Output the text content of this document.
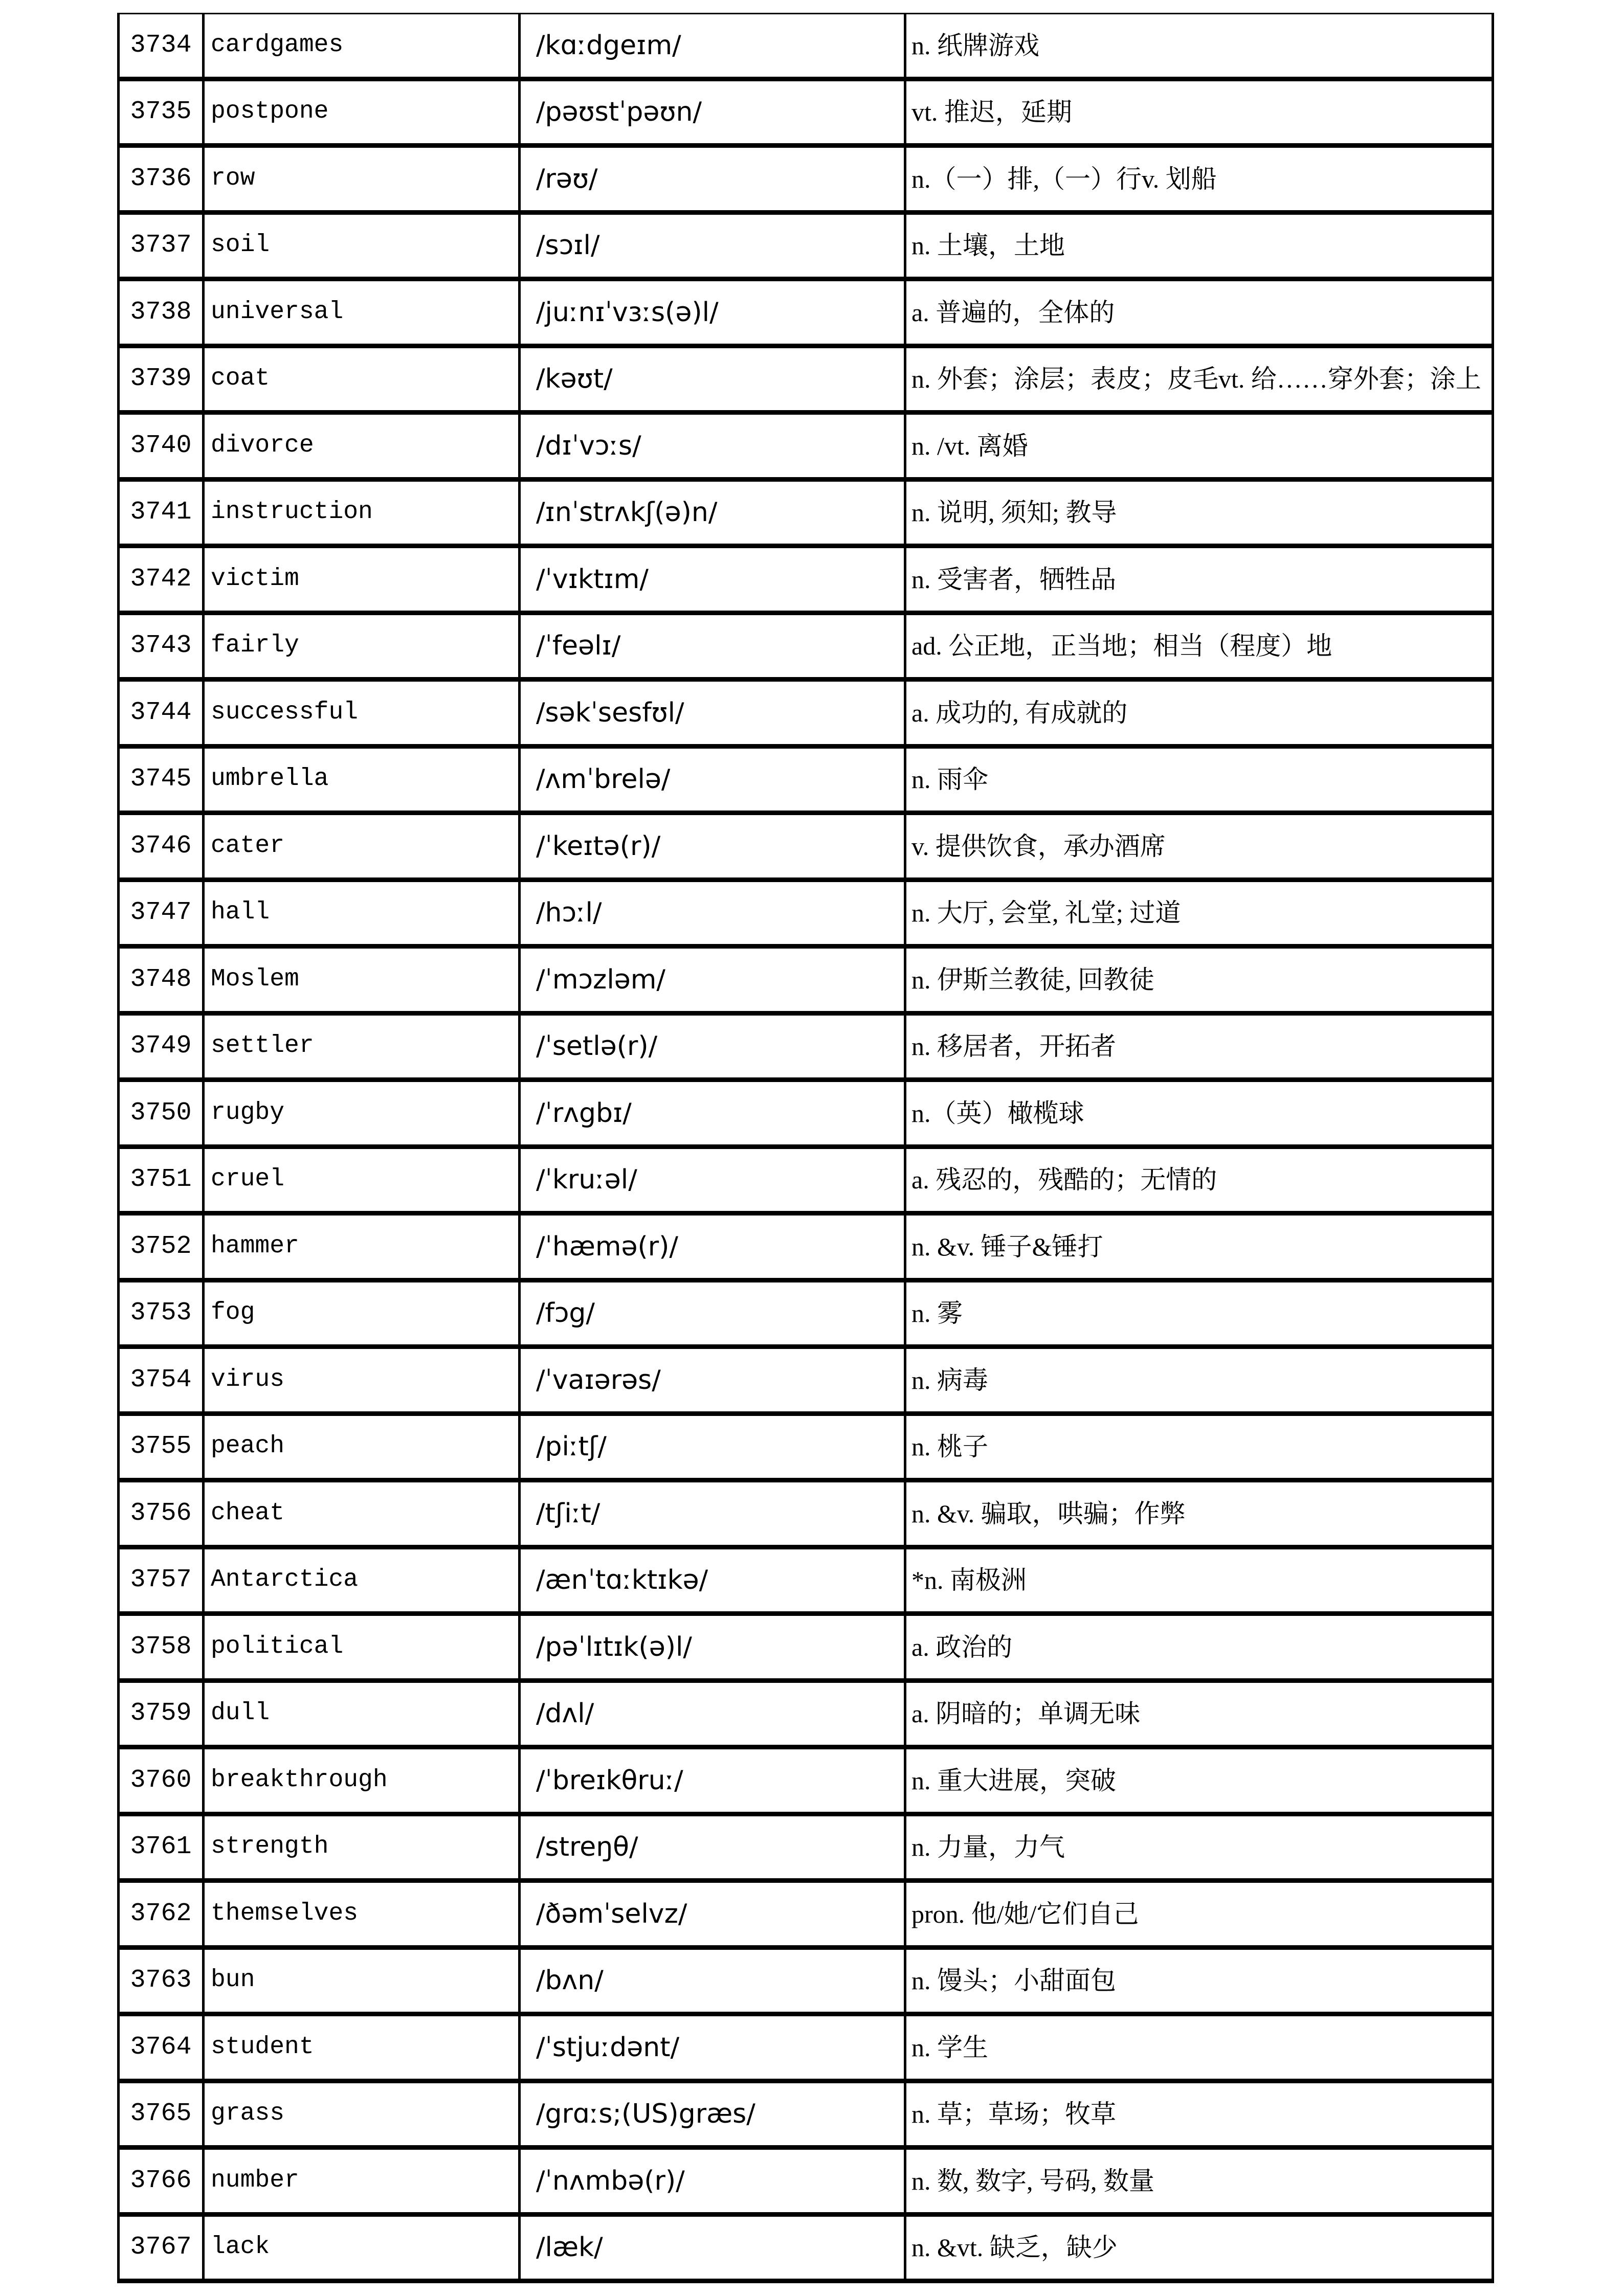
3734 cardgames	/kɑːdgeɪm/	n. 纸牌游戏
3735 postpone	/pəʊstˈpəʊn/	vt. 推迟，延期
3736 row	/rəʊ/	n.（一）排,（一）行v. 划船
3737 soil	/sɔɪl/	n. 土壤，土地
3738 universal	/juːnɪˈvɜːs(ə)l/	a. 普遍的，全体的
3739 coat	/kəʊt/	n. 外套；涂层；表皮；皮毛vt. 给……穿外套；涂上
3740 divorce	/dɪˈvɔːs/	n. /vt. 离婚
3741 instruction	/ɪnˈstrʌkʃ(ə)n/	n. 说明, 须知; 教导
3742 victim	/ˈvɪktɪm/	n. 受害者，牺牲品
3743 fairly	/ˈfeəlɪ/	ad. 公正地，正当地；相当（程度）地
3744 successful	/səkˈsesfʊl/	a. 成功的, 有成就的
3745 umbrella	/ʌmˈbrelə/	n. 雨伞
3746 cater	/ˈkeɪtə(r)/	v. 提供饮食，承办酒席
3747 hall	/hɔːl/	n. 大厅, 会堂, 礼堂; 过道
3748 Moslem	/ˈmɔzləm/	n. 伊斯兰教徒, 回教徒
3749 settler	/ˈsetlə(r)/	n. 移居者，开拓者
3750 rugby	/ˈrʌgbɪ/	n.（英）橄榄球
3751 cruel	/ˈkruːəl/	a. 残忍的，残酷的；无情的
3752 hammer	/ˈhæmə(r)/	n. &v. 锤子&锤打
3753 fog	/fɔg/	n. 雾
3754 virus	/ˈvaɪərəs/	n. 病毒
3755 peach	/piːtʃ/	n. 桃子
3756 cheat	/tʃiːt/	n. &v. 骗取，哄骗；作弊
3757 Antarctica	/ænˈtɑːktɪkə/	*n. 南极洲
3758 political	/pəˈlɪtɪk(ə)l/	a. 政治的
3759 dull	/dʌl/	a. 阴暗的；单调无味
3760 breakthrough	/ˈbreɪkθruː/	n. 重大进展，突破
3761 strength	/streŋθ/	n. 力量，力气
3762 themselves	/ðəmˈselvz/	pron. 他/她/它们自己
3763 bun	/bʌn/	n. 馒头；小甜面包
3764 student	/ˈstjuːdənt/	n. 学生
3765 grass	/grɑːs;(US)græs/	n. 草；草场；牧草
3766 number	/ˈnʌmbə(r)/	n. 数, 数字, 号码, 数量
3767 lack	/læk/	n. &vt. 缺乏，缺少
